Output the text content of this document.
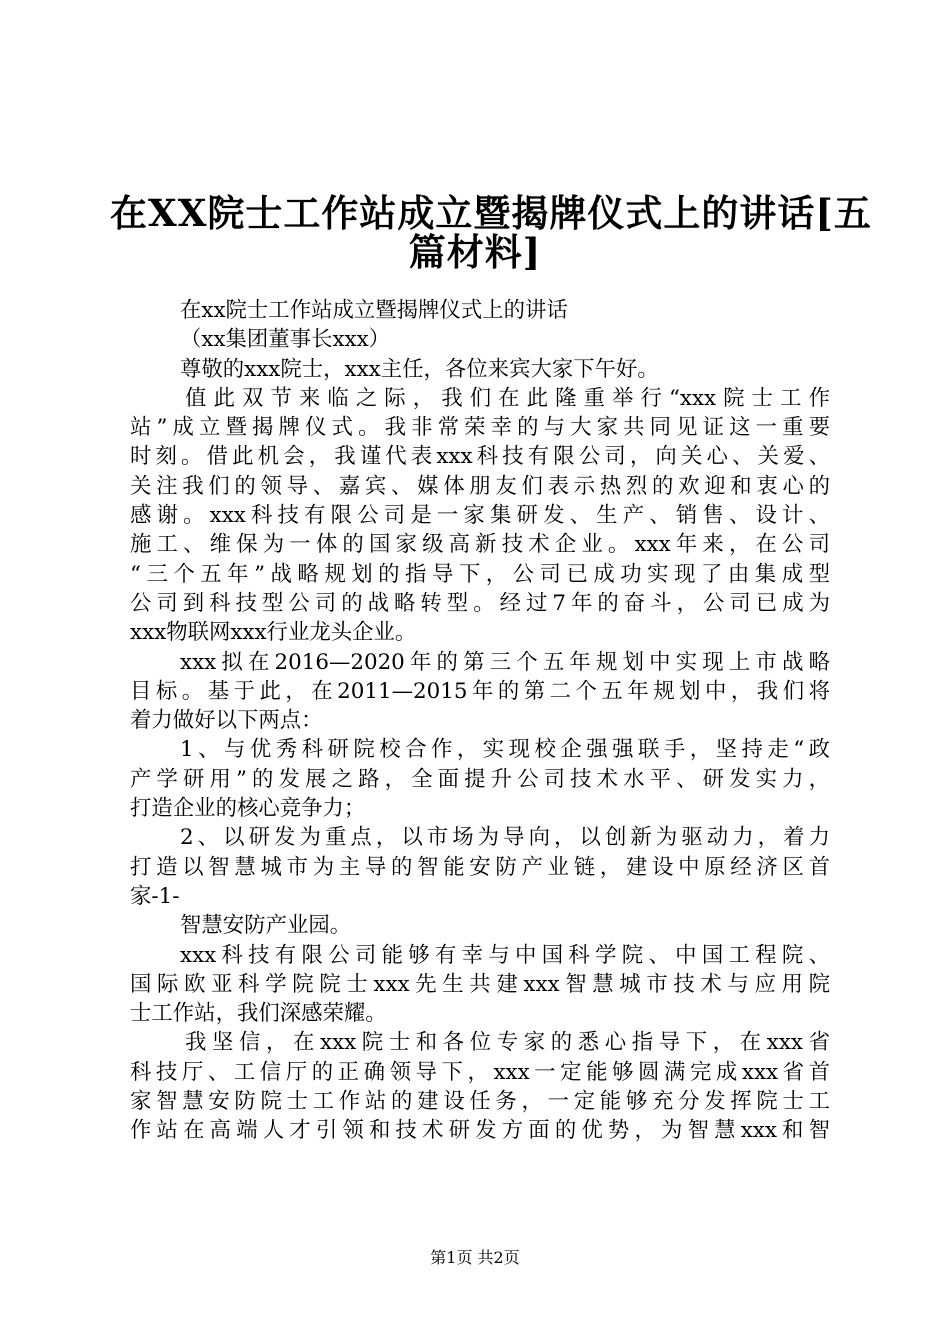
在XX院士工作站成立暨揭牌仪式上的讲话[五
篇材料]
在xx院士工作站成立暨揭牌仪式上的讲话
（xx集团董事长xxx）
尊敬的xxx院士，xxx主任，各位来宾大家下午好。
值此双节来临之际，我们在此隆重举行“xxx院士工作
站”成立暨揭牌仪式。我非常荣幸的与大家共同见证这一重要
时刻。借此机会，我谨代表xxx科技有限公司，向关心、关爱、
关注我们的领导、嘉宾、媒体朋友们表示热烈的欢迎和衷心的
感谢。xxx科技有限公司是一家集研发、生产、销售、设计、
施工、维保为一体的国家级高新技术企业。xxx年来，在公司
“三个五年”战略规划的指导下，公司已成功实现了由集成型
公司到科技型公司的战略转型。经过7年的奋斗，公司已成为
xxx物联网xxx行业龙头企业。
xxx拟在2016—2020年的第三个五年规划中实现上市战略
目标。基于此，在2011—2015年的第二个五年规划中，我们将
着力做好以下两点：
1、与优秀科研院校合作，实现校企强强联手，坚持走“政
产学研用”的发展之路，全面提升公司技术水平、研发实力，
打造企业的核心竞争力；
2、以研发为重点，以市场为导向，以创新为驱动力，着力
打造以智慧城市为主导的智能安防产业链，建设中原经济区首
家-1-
智慧安防产业园。
xxx科技有限公司能够有幸与中国科学院、中国工程院、
国际欧亚科学院院士xxx先生共建xxx智慧城市技术与应用院
士工作站，我们深感荣耀。
我坚信，在xxx院士和各位专家的悉心指导下，在xxx省
科技厅、工信厅的正确领导下，xxx一定能够圆满完成xxx省首
家智慧安防院士工作站的建设任务，一定能够充分发挥院士工
作站在高端人才引领和技术研发方面的优势，为智慧xxx和智
第1页 共2页
